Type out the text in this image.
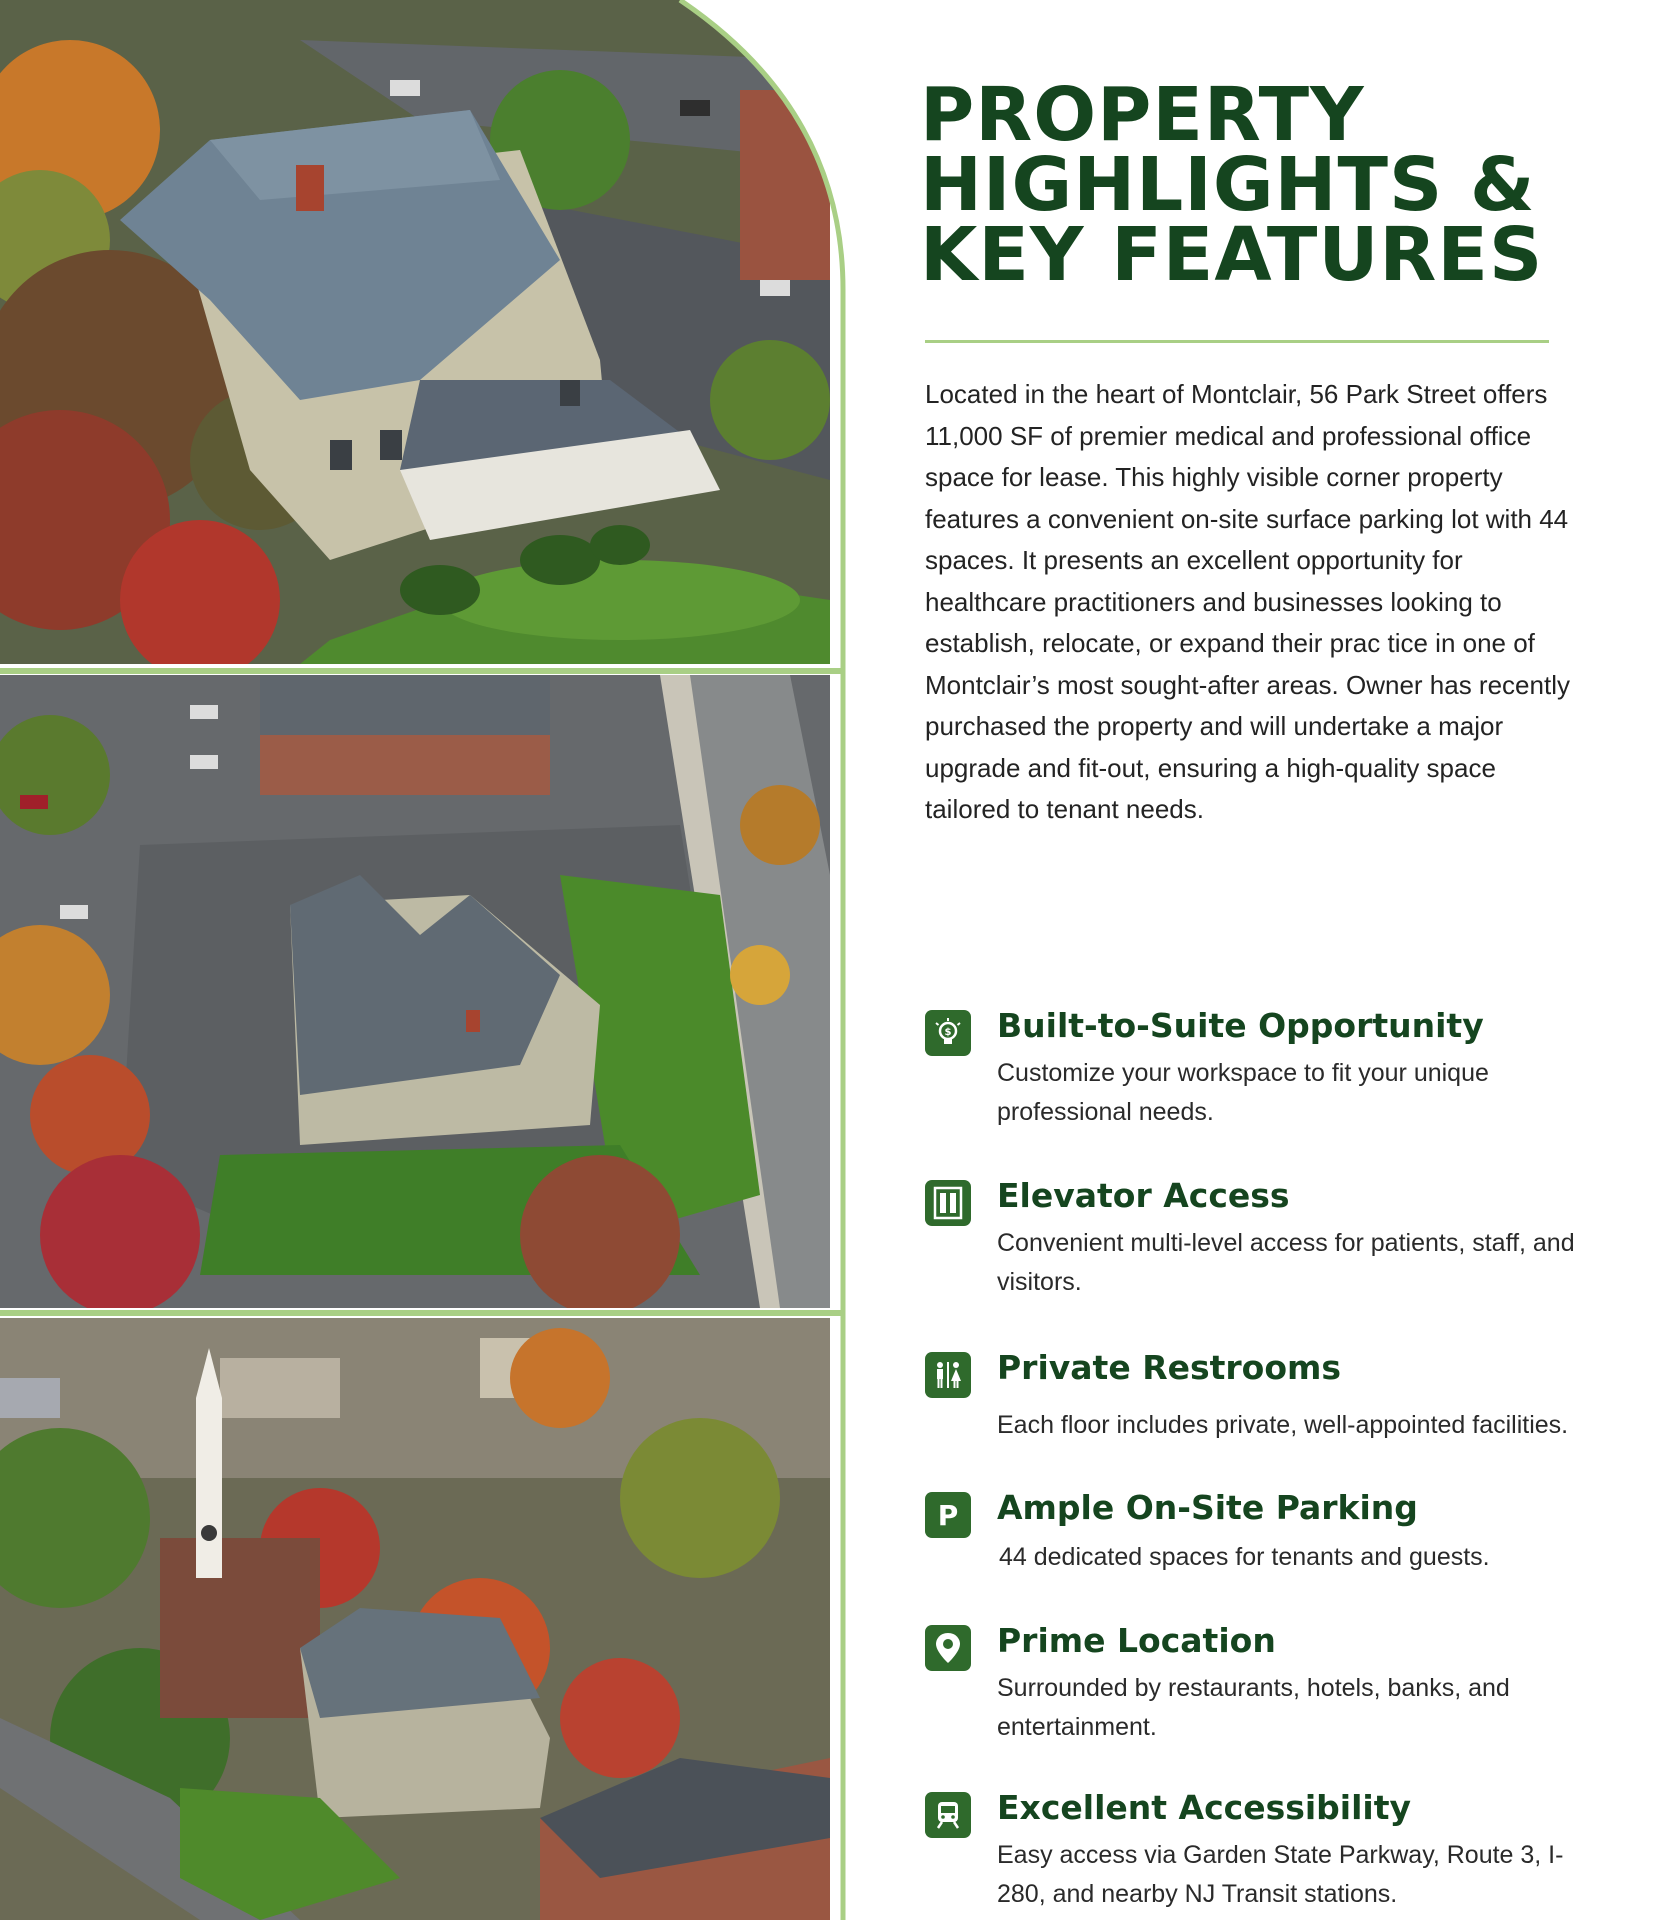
PROPERTY
HIGHLIGHTS &
KEY FEATURES

Located in the heart of Montclair, 56 Park Street offers 11,000 SF of premier medical and professional office space for lease. This highly visible corner property features a convenient on-site surface parking lot with 44 spaces. It presents an excellent opportunity for healthcare practitioners and businesses looking to establish, relocate, or expand their prac tice in one of Montclair’s most sought-after areas. Owner has recently purchased the property and will undertake a major upgrade and fit-out, ensuring a high-quality space tailored to tenant needs.

$ Built-to-Suite Opportunity

Customize your workspace to fit your unique professional needs.

Elevator Access

Convenient multi-level access for patients, staff, and visitors.

Private Restrooms

Each floor includes private, well-appointed facilities.

P Ample On-Site Parking

44 dedicated spaces for tenants and guests.

Prime Location

Surrounded by restaurants, hotels, banks, and entertainment.

Excellent Accessibility

Easy access via Garden State Parkway, Route 3, I-280, and nearby NJ Transit stations.
